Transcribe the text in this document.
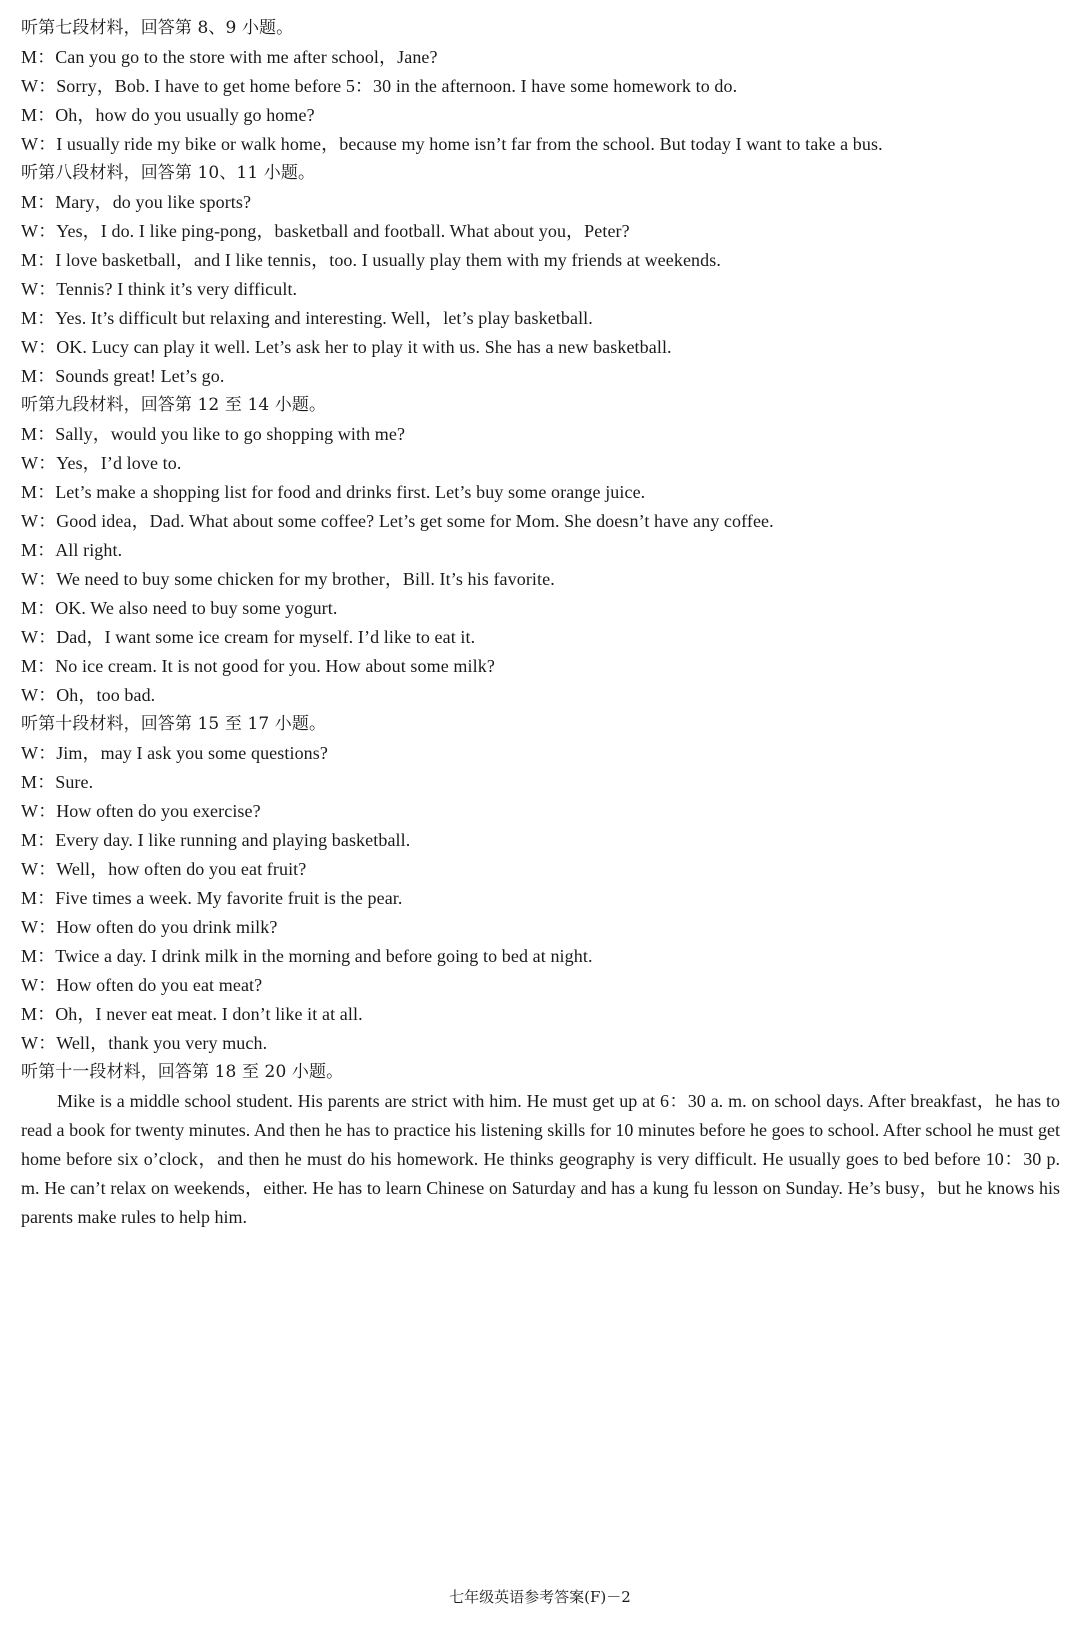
听第七段材料，回答第 8、9 小题。
M：Can you go to the store with me after school，Jane?
W：Sorry，Bob. I have to get home before 5：30 in the afternoon. I have some homework to do.
M：Oh，how do you usually go home?
W：I usually ride my bike or walk home，because my home isn’t far from the school. But today I want to take a bus.
听第八段材料，回答第 10、11 小题。
M：Mary，do you like sports?
W：Yes，I do. I like ping-pong，basketball and football. What about you，Peter?
M：I love basketball，and I like tennis，too. I usually play them with my friends at weekends.
W：Tennis? I think it’s very difficult.
M：Yes. It’s difficult but relaxing and interesting. Well，let’s play basketball.
W：OK. Lucy can play it well. Let’s ask her to play it with us. She has a new basketball.
M：Sounds great! Let’s go.
听第九段材料，回答第 12 至 14 小题。
M：Sally，would you like to go shopping with me?
W：Yes，I’d love to.
M：Let’s make a shopping list for food and drinks first. Let’s buy some orange juice.
W：Good idea，Dad. What about some coffee? Let’s get some for Mom. She doesn’t have any coffee.
M：All right.
W：We need to buy some chicken for my brother，Bill. It’s his favorite.
M：OK. We also need to buy some yogurt.
W：Dad，I want some ice cream for myself. I’d like to eat it.
M：No ice cream. It is not good for you. How about some milk?
W：Oh，too bad.
听第十段材料，回答第 15 至 17 小题。
W：Jim，may I ask you some questions?
M：Sure.
W：How often do you exercise?
M：Every day. I like running and playing basketball.
W：Well，how often do you eat fruit?
M：Five times a week. My favorite fruit is the pear.
W：How often do you drink milk?
M：Twice a day. I drink milk in the morning and before going to bed at night.
W：How often do you eat meat?
M：Oh，I never eat meat. I don’t like it at all.
W：Well，thank you very much.
听第十一段材料，回答第 18 至 20 小题。

Mike is a middle school student. His parents are strict with him. He must get up at 6：30 a. m. on school days. After breakfast，he has to read a book for twenty minutes. And then he has to practice his listening skills for 10 minutes before he goes to school. After school he must get home before six o’clock，and then he must do his homework. He thinks geography is very difficult. He usually goes to bed before 10：30 p. m. He can’t relax on weekends，either. He has to learn Chinese on Saturday and has a kung fu lesson on Sunday. He’s busy，but he knows his parents make rules to help him.

七年级英语参考答案(F)－2
